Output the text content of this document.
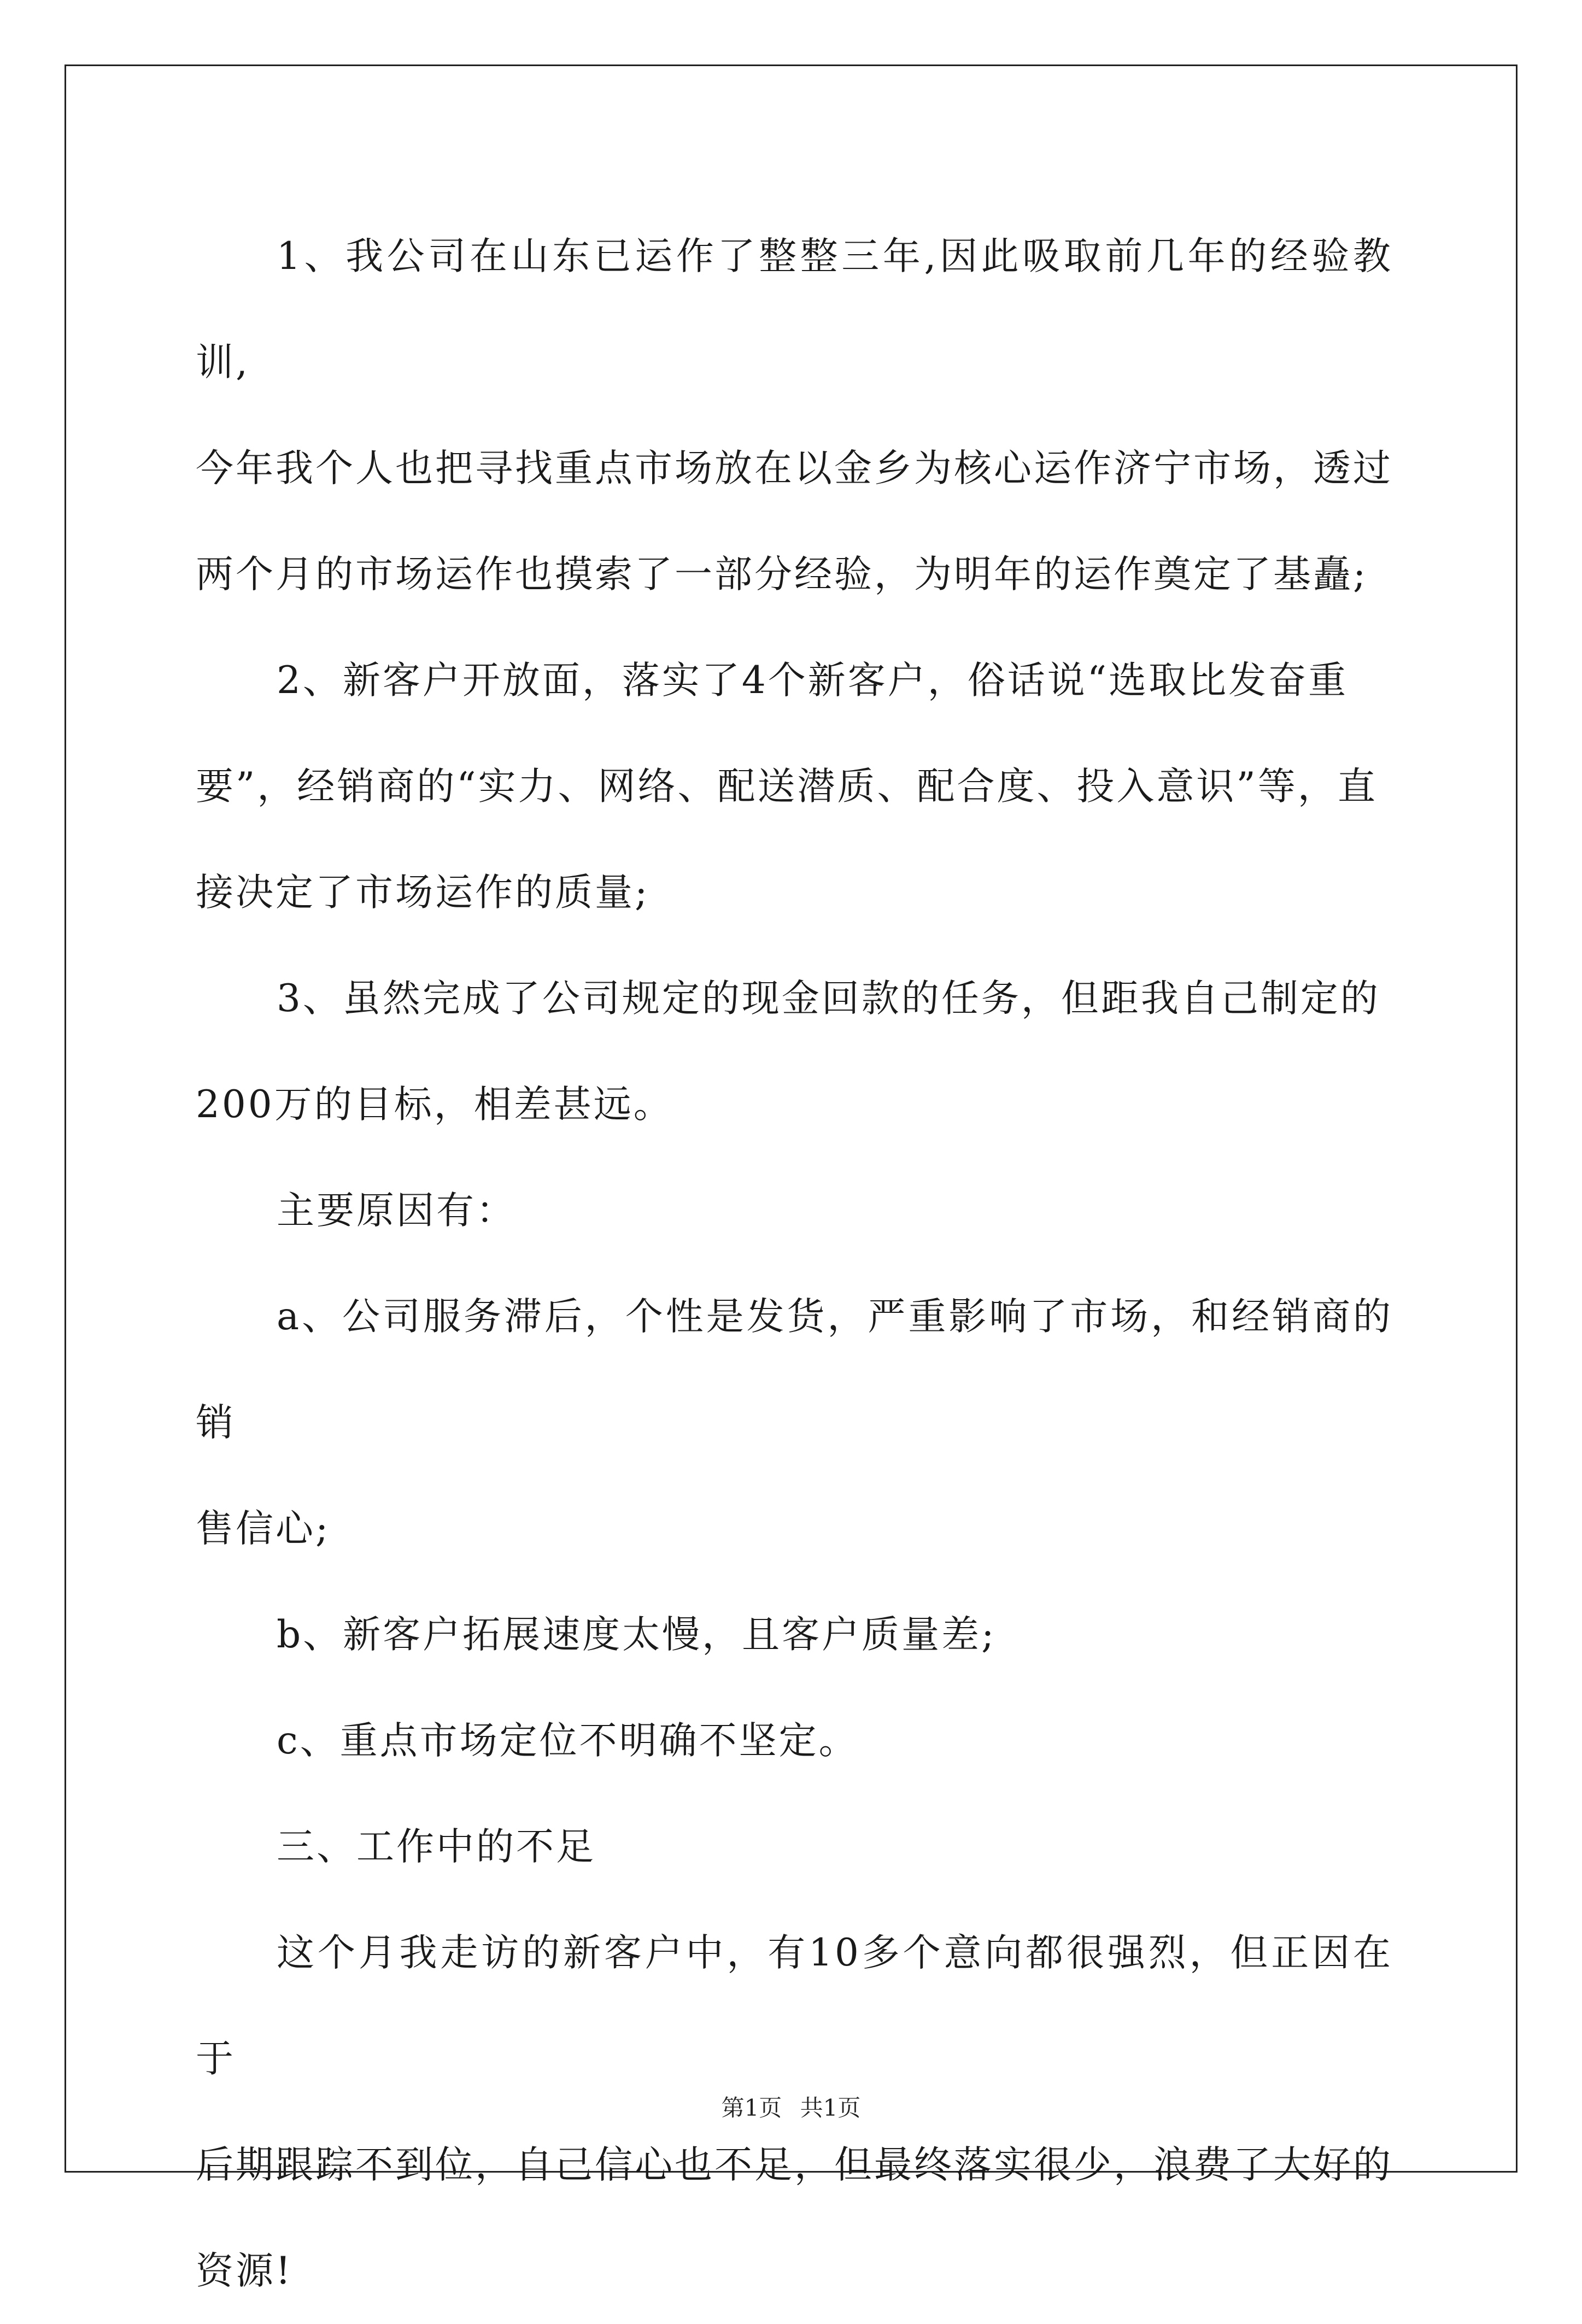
1、我公司在山东已运作了整整三年,因此吸取前几年的经验教训,
今年我个人也把寻找重点市场放在以金乡为核心运作济宁市场，透过
两个月的市场运作也摸索了一部分经验，为明年的运作奠定了基矗;
2、新客户开放面，落实了4个新客户，俗话说“选取比发奋重
要”，经销商的“实力、网络、配送潜质、配合度、投入意识”等，直
接决定了市场运作的质量;
3、虽然完成了公司规定的现金回款的任务，但距我自己制定的
200万的目标，相差甚远。
主要原因有：
a、公司服务滞后，个性是发货，严重影响了市场，和经销商的销
售信心;
b、新客户拓展速度太慢，且客户质量差;
c、重点市场定位不明确不坚定。
三、工作中的不足
这个月我走访的新客户中，有10多个意向都很强烈，但正因在于
后期跟踪不到位，自己信心也不足，但最终落实很少，浪费了大好的
资源!
第1页 共1页
